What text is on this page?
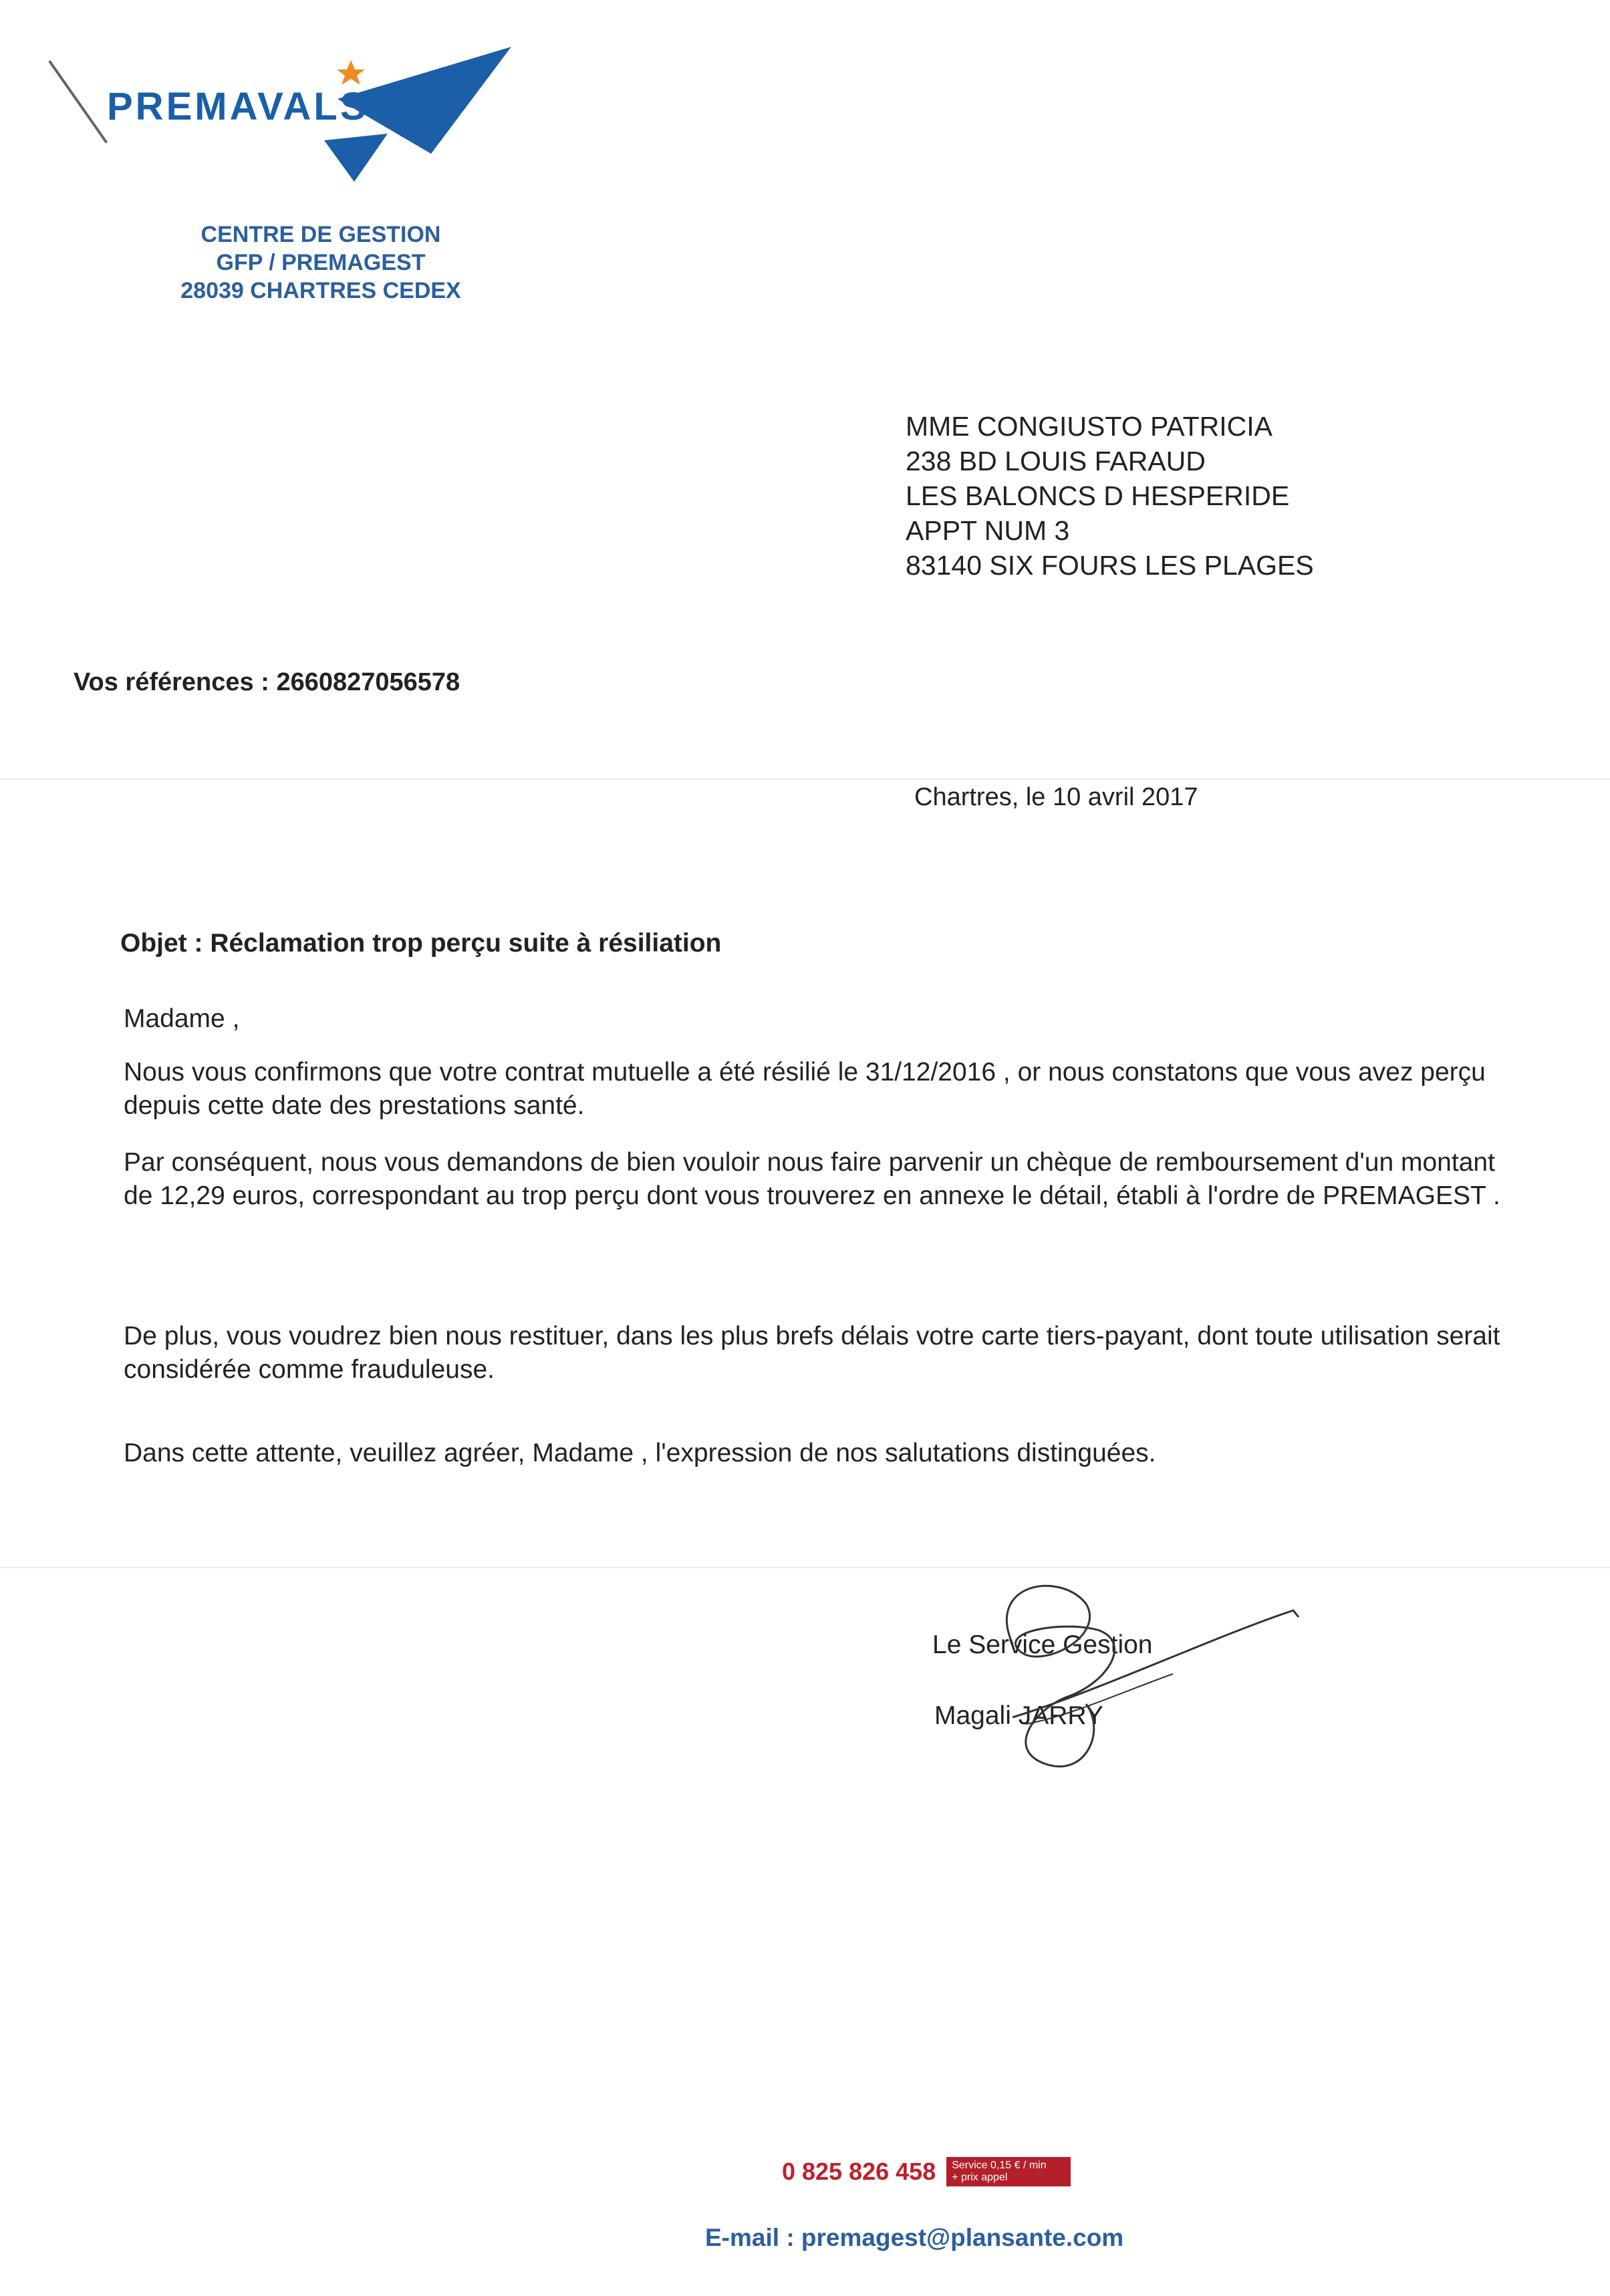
PREMAVALS
CENTRE DE GESTION
GFP / PREMAGEST
28039 CHARTRES CEDEX
MME CONGIUSTO PATRICIA
238 BD LOUIS FARAUD
LES BALONCS D HESPERIDE
APPT NUM 3
83140 SIX FOURS LES PLAGES
Vos références : 2660827056578
Chartres, le 10 avril 2017
Objet : Réclamation trop perçu suite à résiliation
Madame ,
Nous vous confirmons que votre contrat mutuelle a été résilié le 31/12/2016 , or nous constatons que vous avez perçu depuis cette date des prestations santé.
Par conséquent, nous vous demandons de bien vouloir nous faire parvenir un chèque de remboursement d'un montant de 12,29 euros, correspondant au trop perçu dont vous trouverez en annexe le détail, établi à l'ordre de PREMAGEST .
De plus, vous voudrez bien nous restituer, dans les plus brefs délais votre carte tiers-payant, dont toute utilisation serait considérée comme frauduleuse.
Dans cette attente, veuillez agréer, Madame , l'expression de nos salutations distinguées.
Le Service Gestion
Magali JARRY
0 825 826 458 Service 0,15 € / min
+ prix appel
E-mail : premagest@plansante.com
